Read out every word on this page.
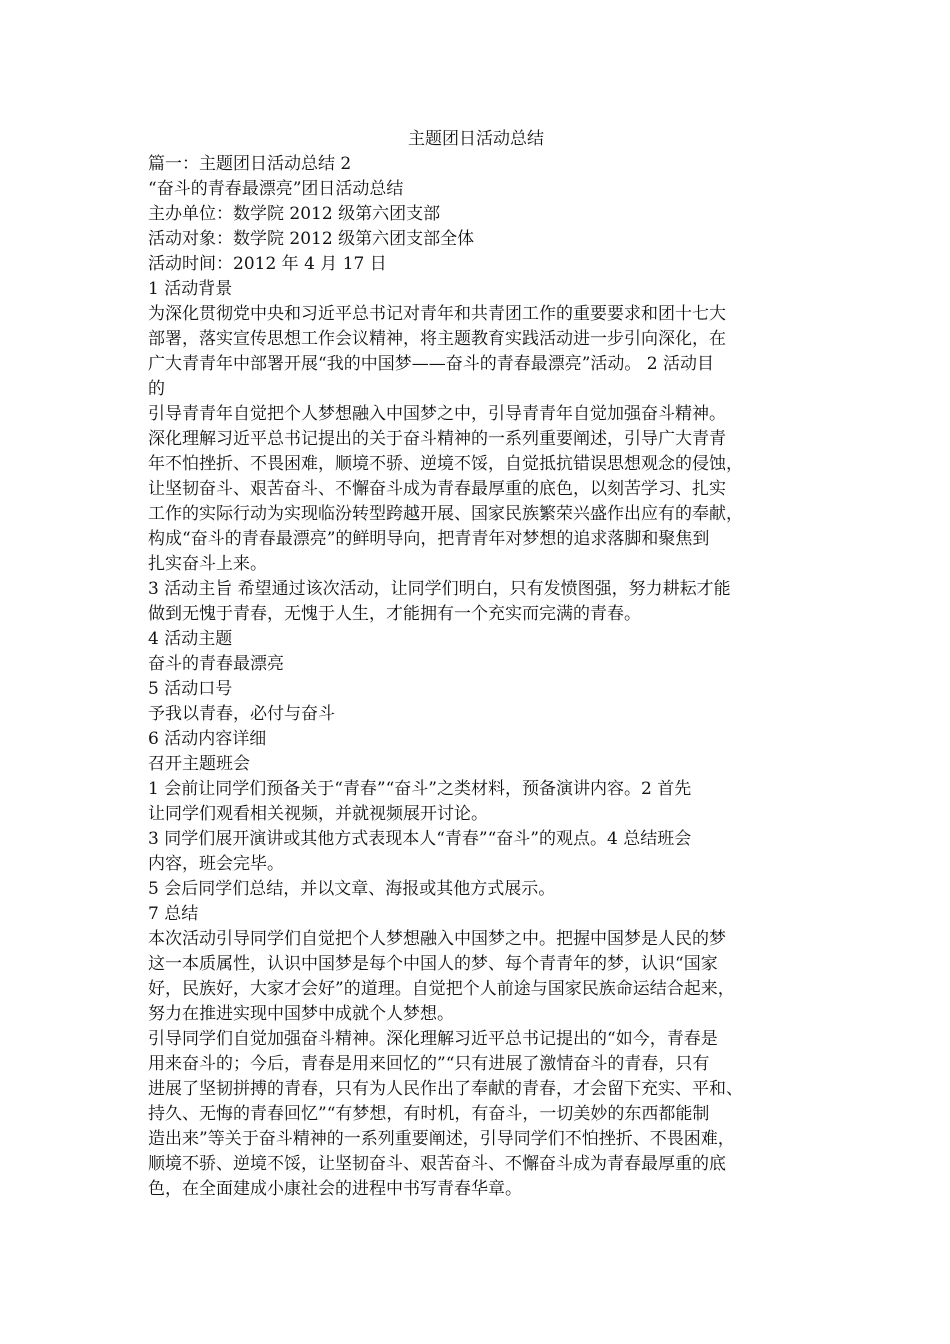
主题团日活动总结

篇一：主题团日活动总结 2

“奋斗的青春最漂亮”团日活动总结

主办单位：数学院 2012 级第六团支部

活动对象：数学院 2012 级第六团支部全体

活动时间：2012 年 4 月 17 日

1 活动背景

为深化贯彻党中央和习近平总书记对青年和共青团工作的重要要求和团十七大

部署，落实宣传思想工作会议精神，将主题教育实践活动进一步引向深化，在

广大青青年中部署开展“我的中国梦——奋斗的青春最漂亮”活动。 2 活动目

的

引导青青年自觉把个人梦想融入中国梦之中，引导青青年自觉加强奋斗精神。

深化理解习近平总书记提出的关于奋斗精神的一系列重要阐述，引导广大青青

年不怕挫折、不畏困难，顺境不骄、逆境不馁，自觉抵抗错误思想观念的侵蚀，

让坚韧奋斗、艰苦奋斗、不懈奋斗成为青春最厚重的底色，以刻苦学习、扎实

工作的实际行动为实现临汾转型跨越开展、国家民族繁荣兴盛作出应有的奉献，

构成“奋斗的青春最漂亮”的鲜明导向，把青青年对梦想的追求落脚和聚焦到

扎实奋斗上来。

3 活动主旨 希望通过该次活动，让同学们明白，只有发愤图强，努力耕耘才能

做到无愧于青春，无愧于人生，才能拥有一个充实而完满的青春。

4 活动主题

奋斗的青春最漂亮

5 活动口号

予我以青春，必付与奋斗

6 活动内容详细

召开主题班会

1 会前让同学们预备关于“青春”“奋斗”之类材料，预备演讲内容。2 首先

让同学们观看相关视频，并就视频展开讨论。

3 同学们展开演讲或其他方式表现本人“青春”“奋斗”的观点。4 总结班会

内容，班会完毕。

5 会后同学们总结，并以文章、海报或其他方式展示。

7 总结

本次活动引导同学们自觉把个人梦想融入中国梦之中。把握中国梦是人民的梦

这一本质属性，认识中国梦是每个中国人的梦、每个青青年的梦，认识“国家

好，民族好，大家才会好”的道理。自觉把个人前途与国家民族命运结合起来，

努力在推进实现中国梦中成就个人梦想。

引导同学们自觉加强奋斗精神。深化理解习近平总书记提出的“如今，青春是

用来奋斗的；今后，青春是用来回忆的”“只有进展了激情奋斗的青春，只有

进展了坚韧拼搏的青春，只有为人民作出了奉献的青春，才会留下充实、平和、

持久、无悔的青春回忆”“有梦想，有时机，有奋斗，一切美妙的东西都能制

造出来”等关于奋斗精神的一系列重要阐述，引导同学们不怕挫折、不畏困难，

顺境不骄、逆境不馁，让坚韧奋斗、艰苦奋斗、不懈奋斗成为青春最厚重的底

色，在全面建成小康社会的进程中书写青春华章。
